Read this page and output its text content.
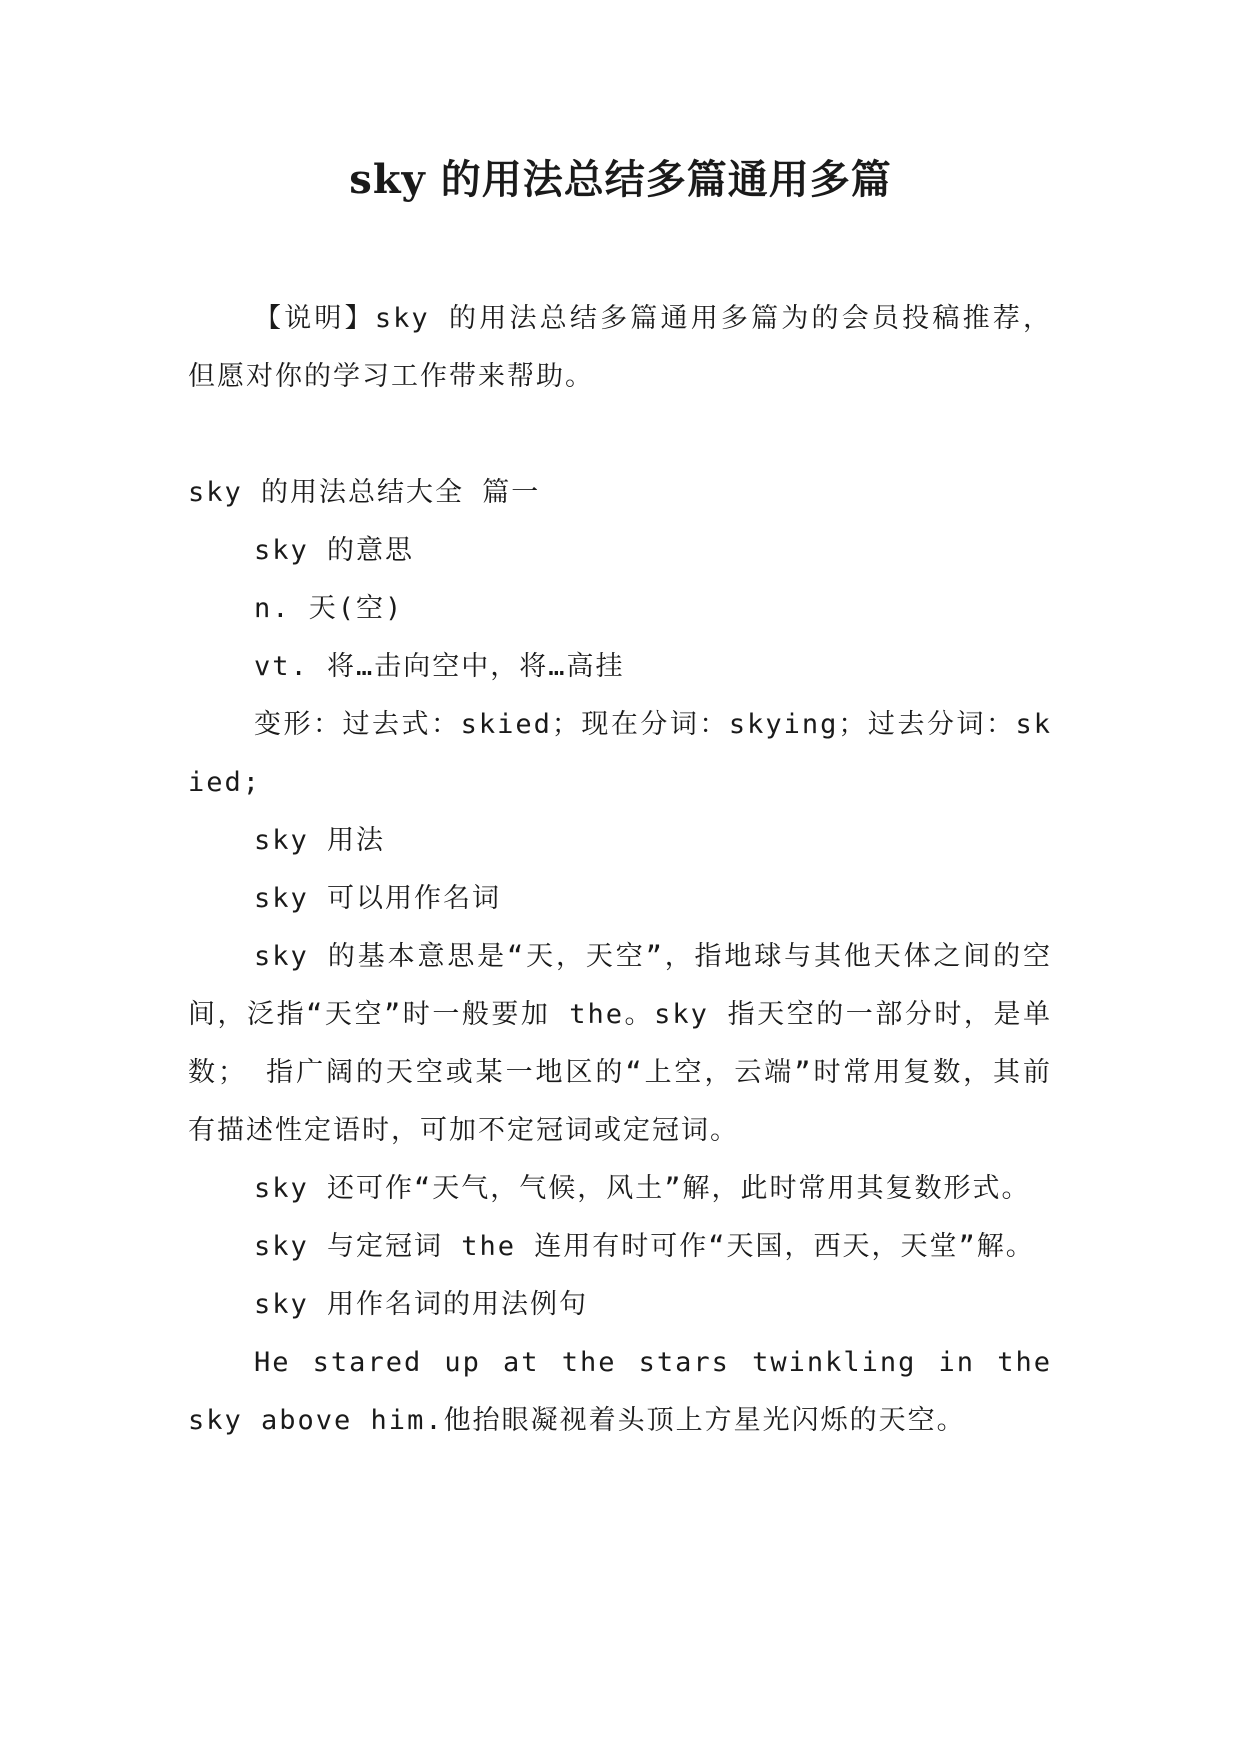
sky 的用法总结多篇通用多篇

【说明】sky 的用法总结多篇通用多篇为的会员投稿推荐，但愿对你的学习工作带来帮助。

sky 的用法总结大全 篇一

sky 的意思

n. 天(空)

vt. 将…击向空中，将…高挂

变形：过去式：skied；现在分词：skying；过去分词：skied;

sky 用法

sky 可以用作名词

sky 的基本意思是“天，天空”，指地球与其他天体之间的空间，泛指“天空”时一般要加 the。sky 指天空的一部分时，是单数； 指广阔的天空或某一地区的“上空，云端”时常用复数，其前有描述性定语时，可加不定冠词或定冠词。

sky 还可作“天气，气候，风土”解，此时常用其复数形式。

sky 与定冠词 the 连用有时可作“天国，西天，天堂”解。

sky 用作名词的用法例句

He stared up at the stars twinkling in the sky above him.他抬眼凝视着头顶上方星光闪烁的天空。
